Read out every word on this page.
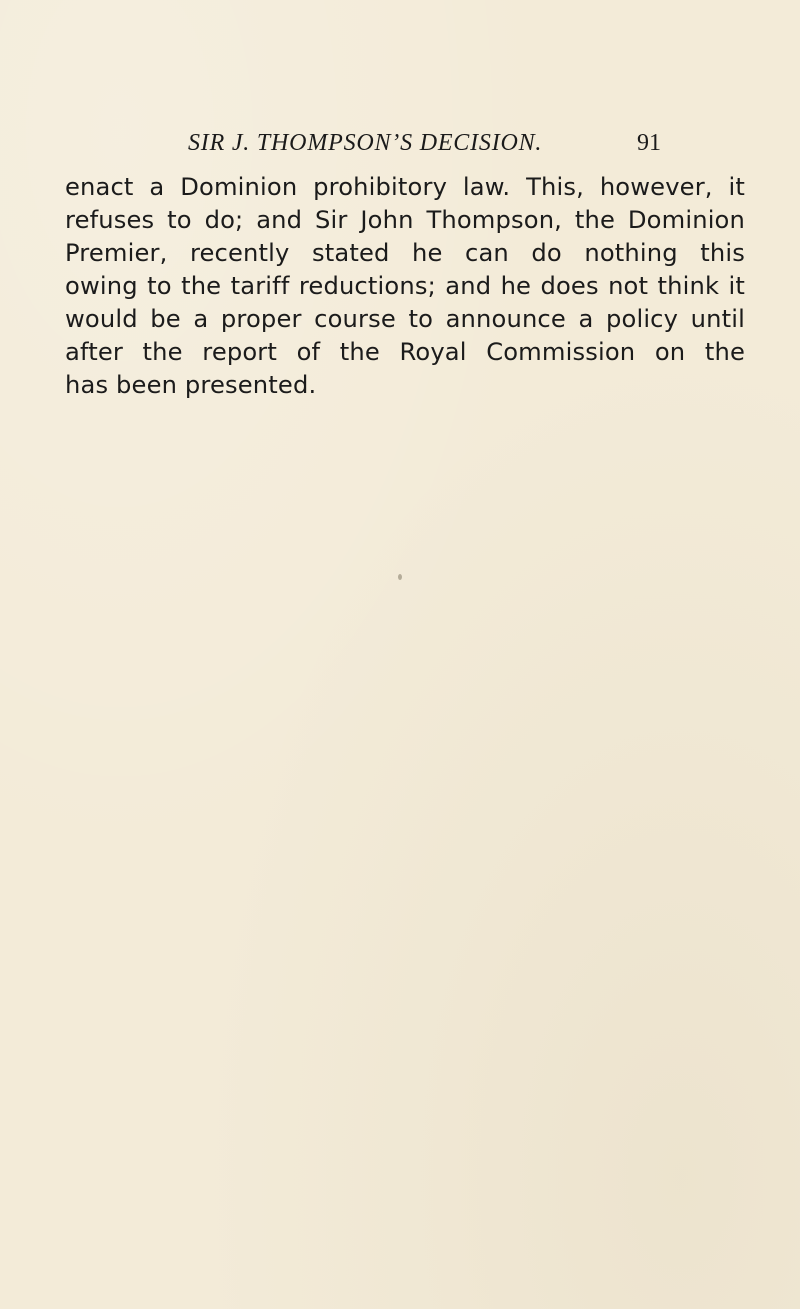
SIR J. THOMPSON’S DECISION.	91
enact a Dominion prohibitory law. This, however, it
refuses to do; and Sir John Thompson, the Dominion
Premier, recently stated he can do nothing this
owing to the tariff reductions; and he does not think it
would be a proper course to announce a policy until
after the report of the Royal Commission on the
has been presented.
